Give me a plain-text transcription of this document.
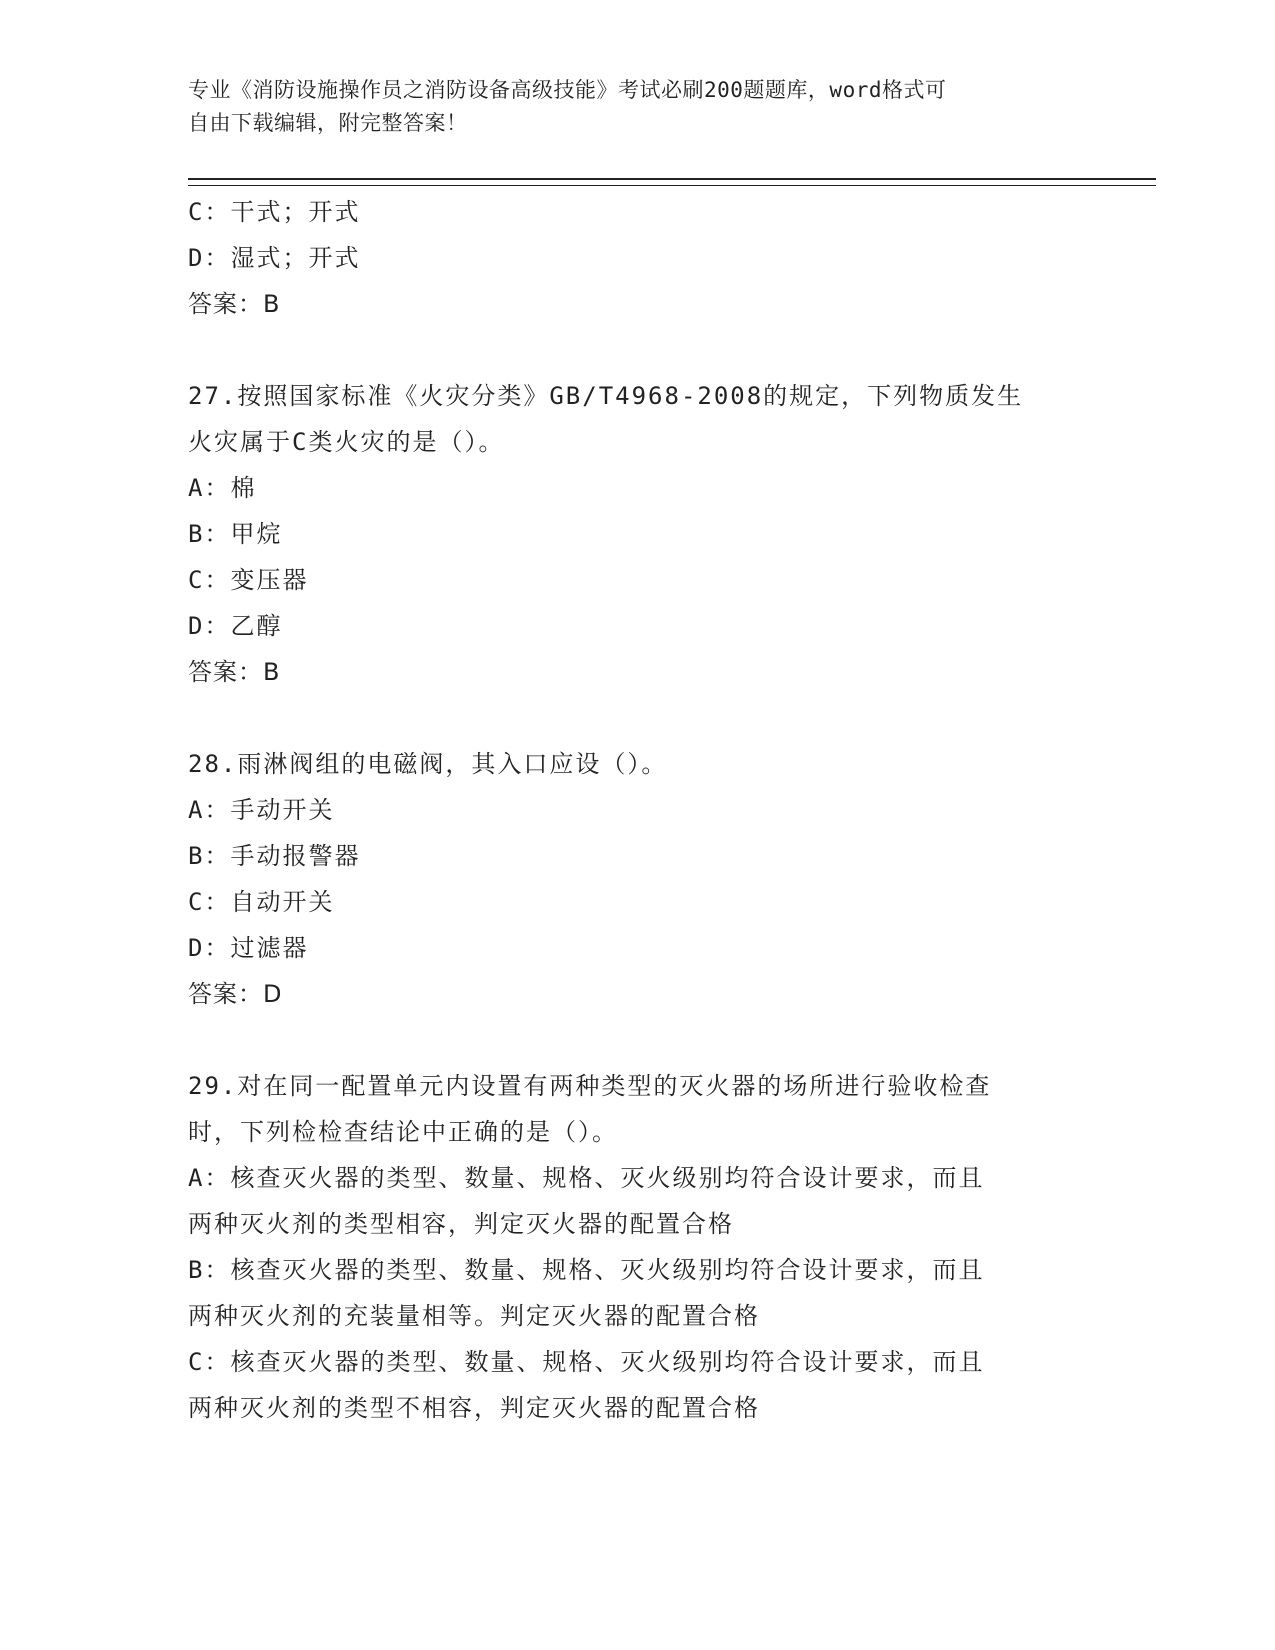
专业《消防设施操作员之消防设备高级技能》考试必刷200题题库，word格式可
自由下载编辑，附完整答案！
C：干式；开式
D：湿式；开式
答案：B
27.按照国家标准《火灾分类》GB/T4968-2008的规定，下列物质发生
火灾属于C类火灾的是（）。
A：棉
B：甲烷
C：变压器
D：乙醇
答案：B
28.雨淋阀组的电磁阀，其入口应设（）。
A：手动开关
B：手动报警器
C：自动开关
D：过滤器
答案：D
29.对在同一配置单元内设置有两种类型的灭火器的场所进行验收检查
时，下列检检查结论中正确的是（）。
A：核查灭火器的类型、数量、规格、灭火级别均符合设计要求，而且
两种灭火剂的类型相容，判定灭火器的配置合格
B：核查灭火器的类型、数量、规格、灭火级别均符合设计要求，而且
两种灭火剂的充装量相等。判定灭火器的配置合格
C：核查灭火器的类型、数量、规格、灭火级别均符合设计要求，而且
两种灭火剂的类型不相容，判定灭火器的配置合格
